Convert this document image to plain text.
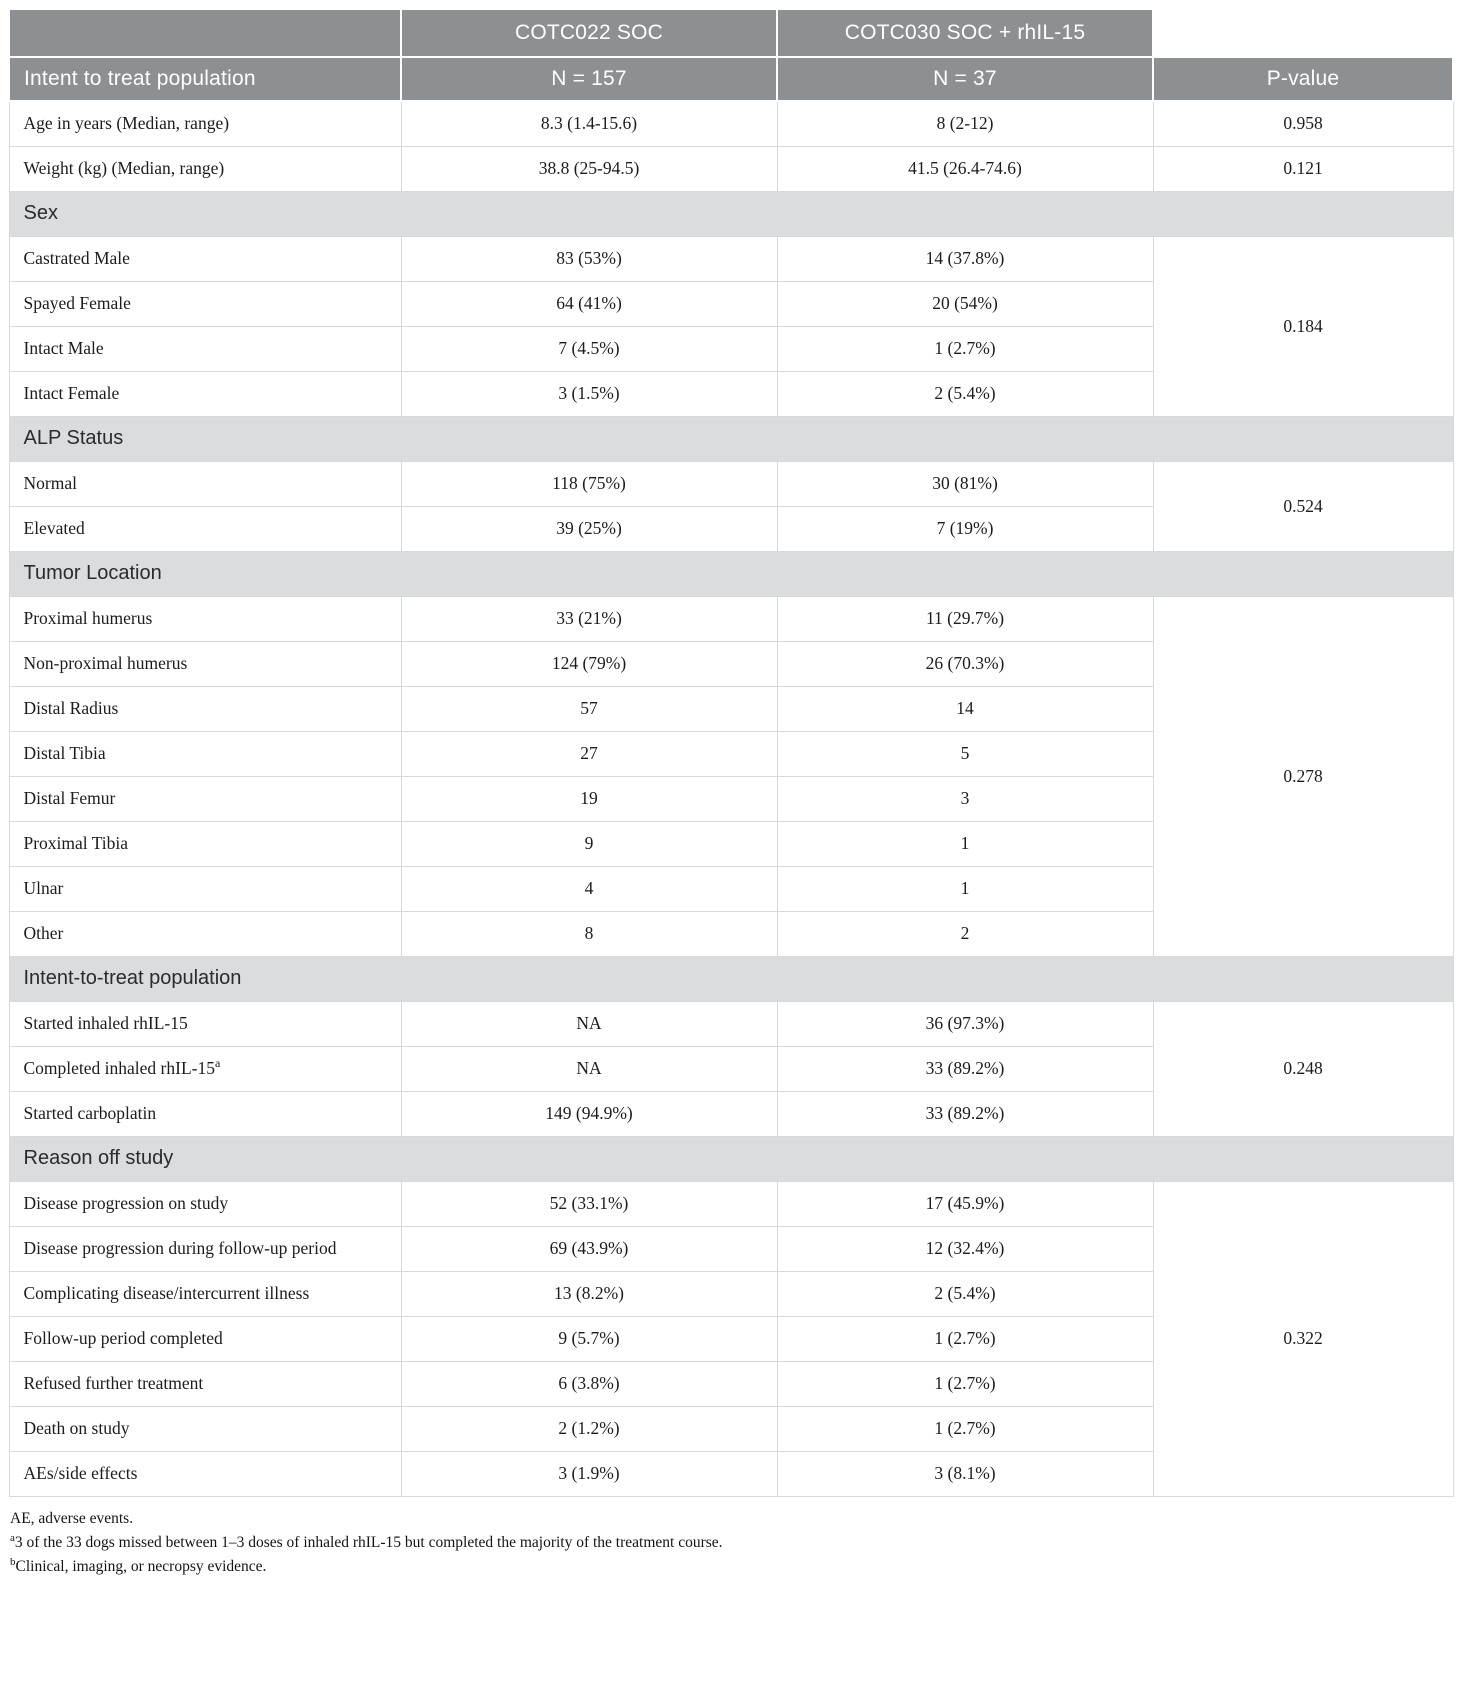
	COTC022 SOC	COTC030 SOC + rhIL-15	
Intent to treat population	N = 157	N = 37	P-value
Age in years (Median, range)	8.3 (1.4-15.6)	8 (2-12)	0.958
Weight (kg) (Median, range)	38.8 (25-94.5)	41.5 (26.4-74.6)	0.121
Sex			
Castrated Male	83 (53%)	14 (37.8%)	0.184
Spayed Female	64 (41%)	20 (54%)	
Intact Male	7 (4.5%)	1 (2.7%)	
Intact Female	3 (1.5%)	2 (5.4%)	
ALP Status			
Normal	118 (75%)	30 (81%)	0.524
Elevated	39 (25%)	7 (19%)	
Tumor Location			
Proximal humerus	33 (21%)	11 (29.7%)	0.278
Non-proximal humerus	124 (79%)	26 (70.3%)	
Distal Radius	57	14	
Distal Tibia	27	5	
Distal Femur	19	3	
Proximal Tibia	9	1	
Ulnar	4	1	
Other	8	2	
Intent-to-treat population			
Started inhaled rhIL-15	NA	36 (97.3%)	0.248
Completed inhaled rhIL-15$^a$	NA	33 (89.2%)	
Started carboplatin	149 (94.9%)	33 (89.2%)	
Reason off study			
Disease progression on study	52 (33.1%)	17 (45.9%)	0.322
Disease progression during follow-up period	69 (43.9%)	12 (32.4%)	
Complicating disease/intercurrent illness	13 (8.2%)	2 (5.4%)	
Follow-up period completed	9 (5.7%)	1 (2.7%)	
Refused further treatment	6 (3.8%)	1 (2.7%)	
Death on study	2 (1.2%)	1 (2.7%)	
AEs/side effects	3 (1.9%)	3 (8.1%)	

AE, adverse events.

$^a$3 of the 33 dogs missed between 1–3 doses of inhaled rhIL-15 but completed the majority of the treatment course.

$^b$Clinical, imaging, or necropsy evidence.
